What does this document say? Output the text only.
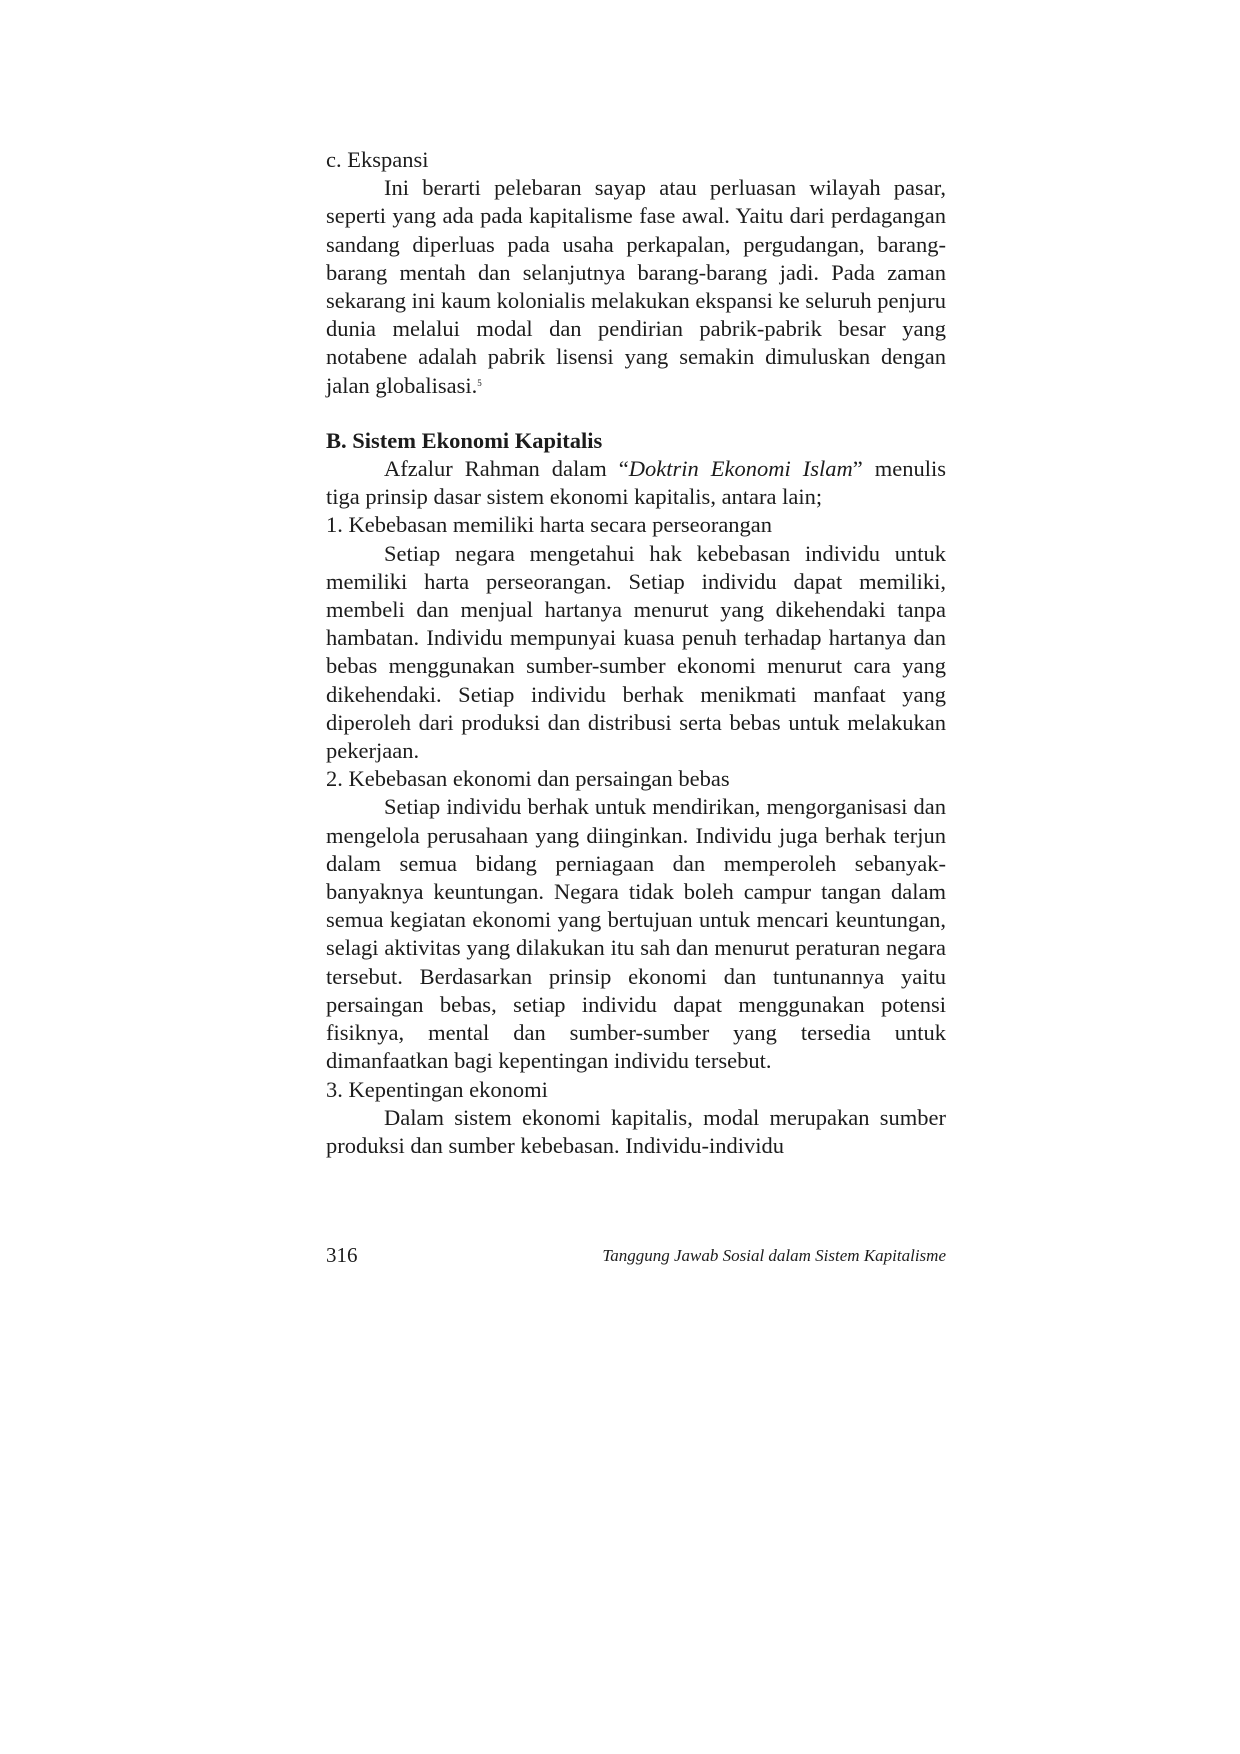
c. Ekspansi

Ini berarti pelebaran sayap atau perluasan wilayah pasar, seperti yang ada pada kapitalisme fase awal. Yaitu dari perdagangan sandang diperluas pada usaha perkapalan, pergudangan, barang-barang mentah dan selanjutnya barang-barang jadi. Pada zaman sekarang ini kaum kolonialis melakukan ekspansi ke seluruh penjuru dunia melalui modal dan pendirian pabrik-pabrik besar yang notabene adalah pabrik lisensi yang semakin dimuluskan dengan jalan globalisasi.$^5$

B. Sistem Ekonomi Kapitalis

Afzalur Rahman dalam “Doktrin Ekonomi Islam” menulis tiga prinsip dasar sistem ekonomi kapitalis, antara lain;

1. Kebebasan memiliki harta secara perseorangan

Setiap negara mengetahui hak kebebasan individu untuk memiliki harta perseorangan. Setiap individu dapat memiliki, membeli dan menjual hartanya menurut yang dikehendaki tanpa hambatan. Individu mempunyai kuasa penuh terhadap hartanya dan bebas menggunakan sumber-sumber ekonomi menurut cara yang dikehendaki. Setiap individu berhak menikmati manfaat yang diperoleh dari produksi dan distribusi serta bebas untuk melakukan pekerjaan.

2. Kebebasan ekonomi dan persaingan bebas

Setiap individu berhak untuk mendirikan, mengorganisasi dan mengelola perusahaan yang diinginkan. Individu juga berhak terjun dalam semua bidang perniagaan dan memperoleh sebanyak-banyaknya keuntungan. Negara tidak boleh campur tangan dalam semua kegiatan ekonomi yang bertujuan untuk mencari keuntungan, selagi aktivitas yang dilakukan itu sah dan menurut peraturan negara tersebut. Berdasarkan prinsip ekonomi dan tuntunannya yaitu persaingan bebas, setiap individu dapat menggunakan potensi fisiknya, mental dan sumber-sumber yang tersedia untuk dimanfaatkan bagi kepentingan individu tersebut.

3. Kepentingan ekonomi

Dalam sistem ekonomi kapitalis, modal merupakan sumber produksi dan sumber kebebasan. Individu-individu

316	Tanggung Jawab Sosial dalam Sistem Kapitalisme
